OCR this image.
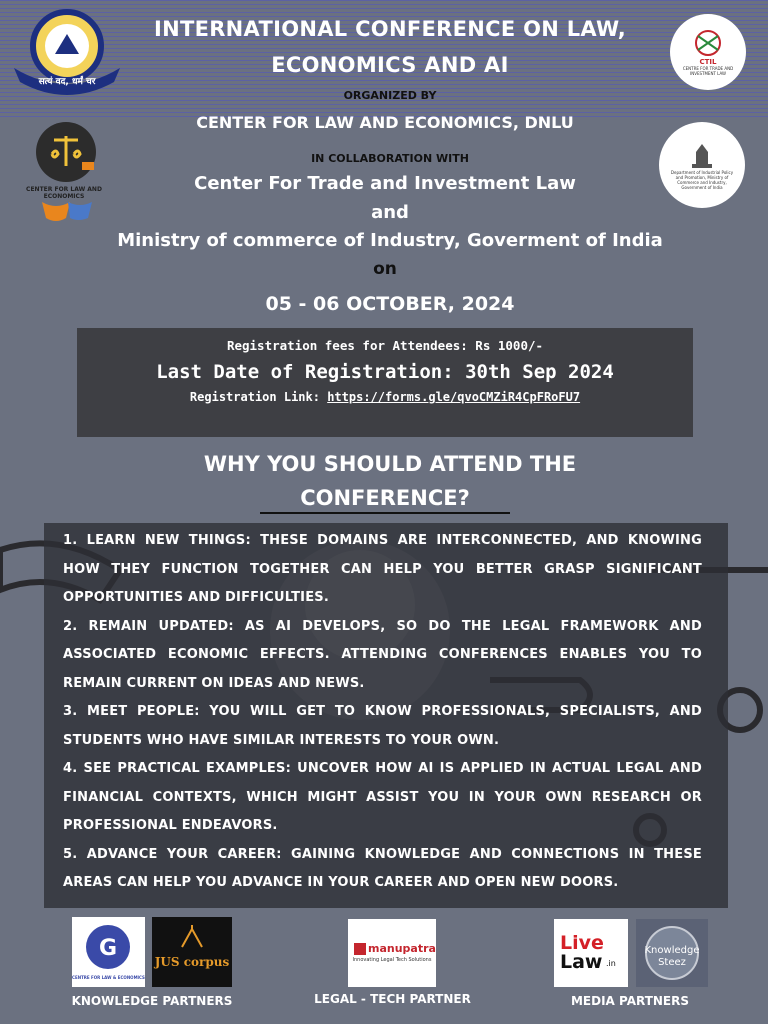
सत्यं वद, धर्मं चर
CTIL
CENTRE FOR TRADE AND INVESTMENT LAW
CENTER FOR LAW AND ECONOMICS
Department of Industrial Policy and Promotion, Ministry of Commerce and Industry, Government of India
INTERNATIONAL CONFERENCE ON LAW,
ECONOMICS AND AI
ORGANIZED BY
CENTER FOR LAW AND ECONOMICS, DNLU
IN COLLABORATION WITH
Center For Trade and Investment Law
and
Ministry of commerce of Industry, Goverment of India
on
05 - 06 OCTOBER, 2024
Registration fees for Attendees: Rs 1000/-
Last Date of Registration: 30th Sep 2024
Registration Link: https://forms.gle/qvoCMZiR4CpFRoFU7
WHY YOU SHOULD ATTEND THE
CONFERENCE?

1. LEARN NEW THINGS: THESE DOMAINS ARE INTERCONNECTED, AND KNOWING HOW THEY FUNCTION TOGETHER CAN HELP YOU BETTER GRASP SIGNIFICANT OPPORTUNITIES AND DIFFICULTIES.

2. REMAIN UPDATED: AS AI DEVELOPS, SO DO THE LEGAL FRAMEWORK AND ASSOCIATED ECONOMIC EFFECTS. ATTENDING CONFERENCES ENABLES YOU TO REMAIN CURRENT ON IDEAS AND NEWS.

3. MEET PEOPLE: YOU WILL GET TO KNOW PROFESSIONALS, SPECIALISTS, AND STUDENTS WHO HAVE SIMILAR INTERESTS TO YOUR OWN.

4. SEE PRACTICAL EXAMPLES: UNCOVER HOW AI IS APPLIED IN ACTUAL LEGAL AND FINANCIAL CONTEXTS, WHICH MIGHT ASSIST YOU IN YOUR OWN RESEARCH OR PROFESSIONAL ENDEAVORS.

5. ADVANCE YOUR CAREER: GAINING KNOWLEDGE AND CONNECTIONS IN THESE AREAS CAN HELP YOU ADVANCE IN YOUR CAREER AND OPEN NEW DOORS.

G
CENTRE FOR LAW & ECONOMICS
JUS corpus
KNOWLEDGE PARTNERS
manupatra
Innovating Legal Tech Solutions
LEGAL - TECH PARTNER
Live
Law .in
Knowledge
Steez
MEDIA PARTNERS
